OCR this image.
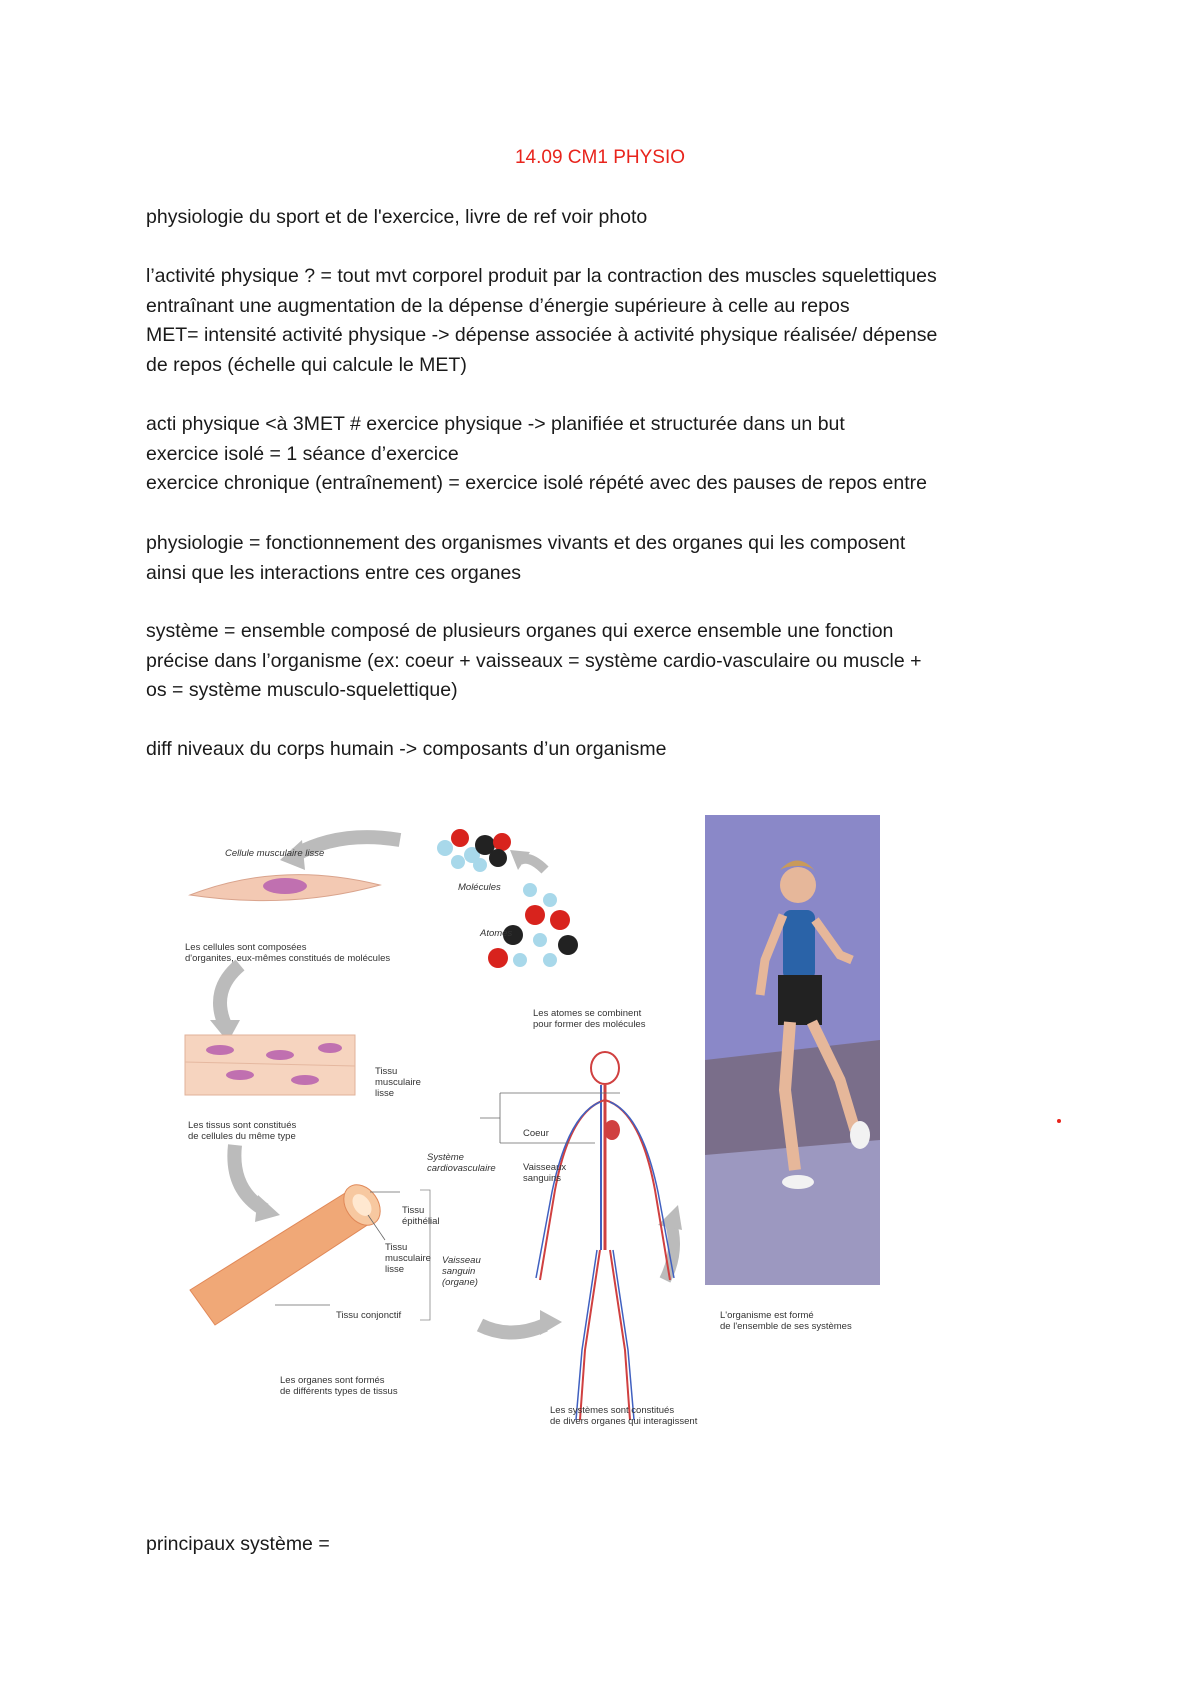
14.09 CM1 PHYSIO

physiologie du sport et de l'exercice, livre de ref voir photo

l’activité physique ? = tout mvt corporel produit par la contraction des muscles squelettiques

entraînant une augmentation de la dépense d’énergie supérieure à celle au repos

MET= intensité activité physique -> dépense associée à activité physique réalisée/ dépense

de repos (échelle qui calcule le MET)

acti physique <à 3MET # exercice physique -> planifiée et structurée dans un but

exercice isolé = 1 séance d’exercice

exercice chronique (entraînement) = exercice isolé répété avec des pauses de repos entre

physiologie = fonctionnement des organismes vivants et des organes qui les composent

ainsi que les interactions entre ces organes

système = ensemble composé de plusieurs organes qui exerce ensemble une fonction

précise dans l’organisme (ex: coeur + vaisseaux = système cardio-vasculaire ou muscle +

os = système musculo-squelettique)

diff niveaux du corps humain -> composants d’un organisme

Cellule musculaire lisse
Molécules
Atomes
Les cellules sont composées
d'organites, eux-mêmes constitués de molécules
Les atomes se combinent
pour former des molécules
Tissu
musculaire
lisse
Les tissus sont constitués
de cellules du même type	Coeur
Système
cardiovasculaire	Vaisseaux
sanguins
Tissu
épithélial
Tissu
musculaire
lisse
Vaisseau
sanguin
(organe)
Tissu conjonctif
Les organes sont formés
de différents types de tissus
Les systèmes sont constitués
de divers organes qui interagissent
L'organisme est formé
de l'ensemble de ses systèmes

principaux système =
